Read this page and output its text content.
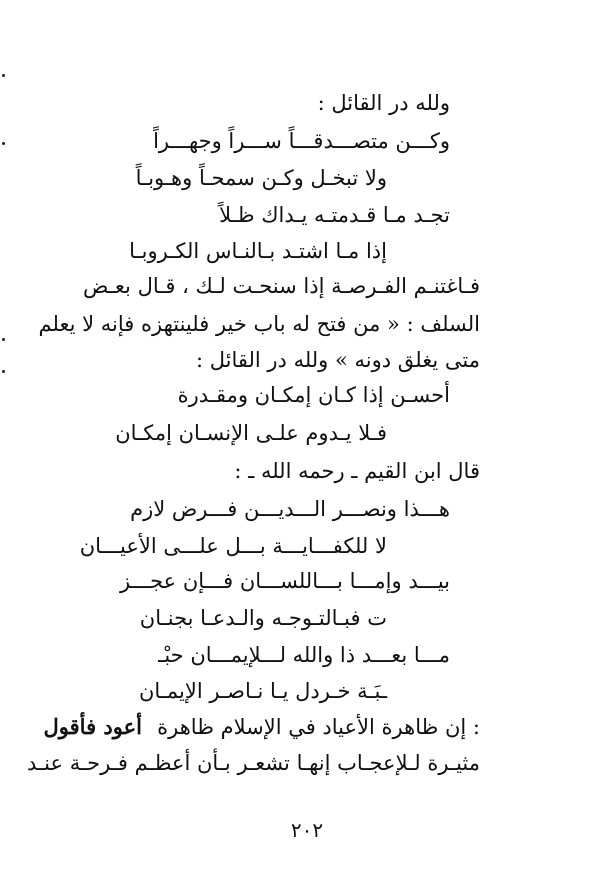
ولله در القائل :
وكـــن متصـــدقـــاً ســـراً وجهـــراً
ولا تبخـل وكـن سمحـاً وهـوبـاً
تجـد مـا قـدمتـه يـداك ظـلاً
إذا مـا اشتـد بـالنـاس الكـروبـا
فـاغتنـم الفـرصـة إذا سنحـت لـك ، قـال بعـض
السلف : « من فتح له باب خير فلينتهزه فإنه لا يعلم
متى يغلق دونه » ولله در القائل :
أحسـن إذا كـان إمكـان ومقـدرة
فـلا يـدوم علـى الإنسـان إمكـان
قال ابن القيم ـ رحمه الله ـ :
هـــذا ونصـــر الـــديـــن فـــرض لازم
لا للكفـــايـــة بـــل علـــى الأعيـــان
بيـــد وإمـــا بـــاللســـان فـــإن عجـــز
ت فبـالتـوجـه والـدعـا بجنـان
مـــا بعـــد ذا والله لـــلإيمـــان حبْـ
ـبَـة خـردل يـا نـاصـر الإيمـان
أعود فأقول : إن ظاهرة الأعياد في الإسلام ظاهرة
مثيـرة لـلإعجـاب إنهـا تشعـر بـأن أعظـم فـرحـة عنـد
٢٠٢
